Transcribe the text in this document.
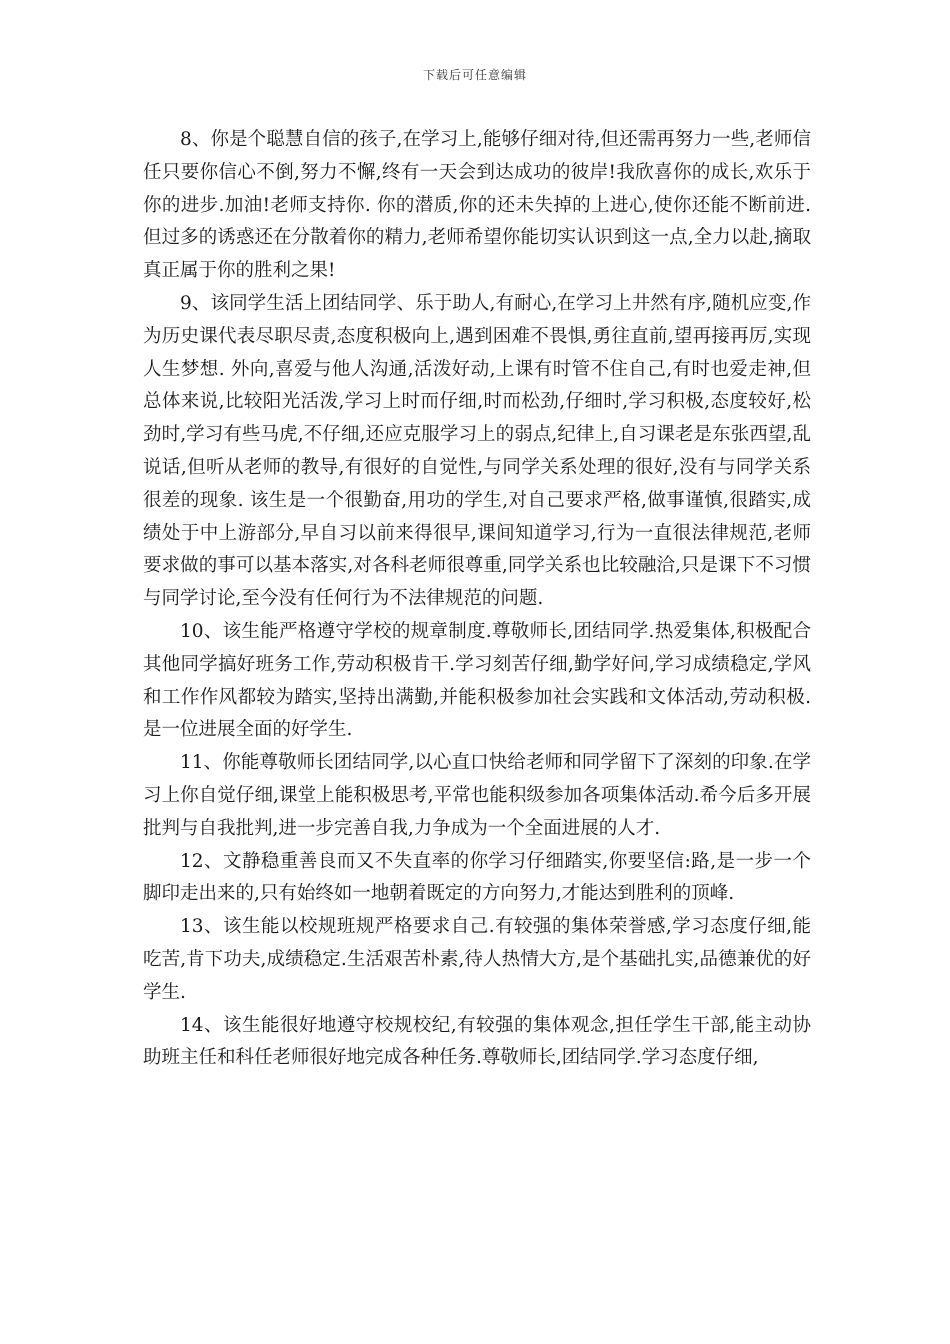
下载后可任意编辑

8、你是个聪慧自信的孩子,在学习上,能够仔细对待,但还需再努力一些,老师信任只要你信心不倒,努力不懈,终有一天会到达成功的彼岸!我欣喜你的成长,欢乐于你的进步.加油!老师支持你. 你的潜质,你的还未失掉的上进心,使你还能不断前进.但过多的诱惑还在分散着你的精力,老师希望你能切实认识到这一点,全力以赴,摘取真正属于你的胜利之果!

9、该同学生活上团结同学、乐于助人,有耐心,在学习上井然有序,随机应变,作为历史课代表尽职尽责,态度积极向上,遇到困难不畏惧,勇往直前,望再接再厉,实现人生梦想. 外向,喜爱与他人沟通,活泼好动,上课有时管不住自己,有时也爱走神,但总体来说,比较阳光活泼,学习上时而仔细,时而松劲,仔细时,学习积极,态度较好,松劲时,学习有些马虎,不仔细,还应克服学习上的弱点,纪律上,自习课老是东张西望,乱说话,但听从老师的教导,有很好的自觉性,与同学关系处理的很好,没有与同学关系很差的现象. 该生是一个很勤奋,用功的学生,对自己要求严格,做事谨慎,很踏实,成绩处于中上游部分,早自习以前来得很早,课间知道学习,行为一直很法律规范,老师要求做的事可以基本落实,对各科老师很尊重,同学关系也比较融洽,只是课下不习惯与同学讨论,至今没有任何行为不法律规范的问题.

10、该生能严格遵守学校的规章制度.尊敬师长,团结同学.热爱集体,积极配合其他同学搞好班务工作,劳动积极肯干.学习刻苦仔细,勤学好问,学习成绩稳定,学风和工作作风都较为踏实,坚持出满勤,并能积极参加社会实践和文体活动,劳动积极.是一位进展全面的好学生.

11、你能尊敬师长团结同学,以心直口快给老师和同学留下了深刻的印象.在学习上你自觉仔细,课堂上能积极思考,平常也能积级参加各项集体活动.希今后多开展批判与自我批判,进一步完善自我,力争成为一个全面进展的人才.

12、文静稳重善良而又不失直率的你学习仔细踏实,你要坚信:路,是一步一个脚印走出来的,只有始终如一地朝着既定的方向努力,才能达到胜利的顶峰.

13、该生能以校规班规严格要求自己.有较强的集体荣誉感,学习态度仔细,能吃苦,肯下功夫,成绩稳定.生活艰苦朴素,待人热情大方,是个基础扎实,品德兼优的好学生.

14、该生能很好地遵守校规校纪,有较强的集体观念,担任学生干部,能主动协助班主任和科任老师很好地完成各种任务.尊敬师长,团结同学.学习态度仔细,
